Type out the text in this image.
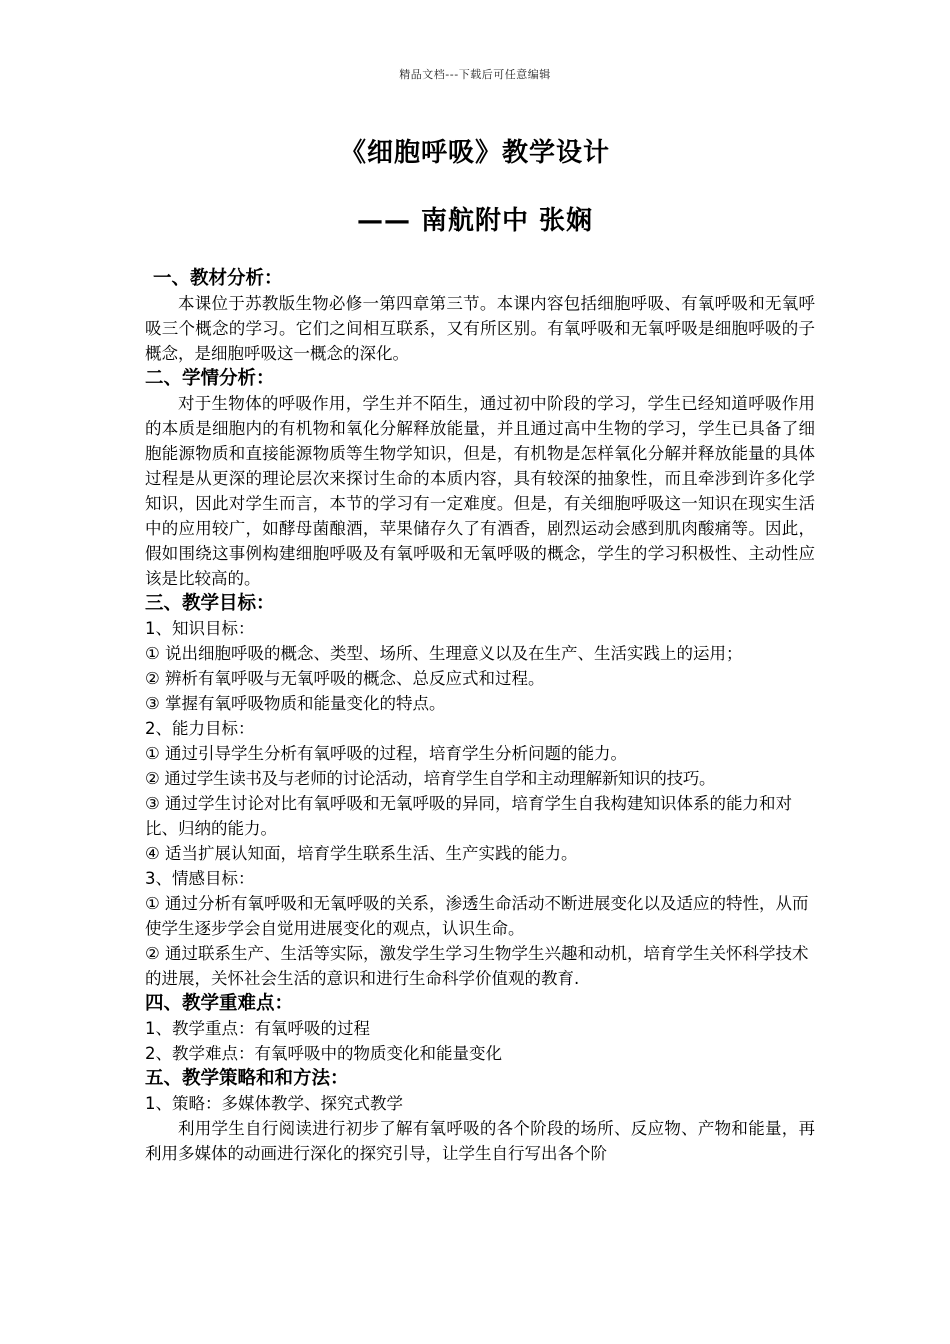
精品文档---下载后可任意编辑
《细胞呼吸》教学设计
—— 南航附中 张娴
一、教材分析：

本课位于苏教版生物必修一第四章第三节。本课内容包括细胞呼吸、有氧呼吸和无氧呼吸三个概念的学习。它们之间相互联系，又有所区别。有氧呼吸和无氧呼吸是细胞呼吸的子概念，是细胞呼吸这一概念的深化。

二、学情分析：

对于生物体的呼吸作用，学生并不陌生，通过初中阶段的学习，学生已经知道呼吸作用的本质是细胞内的有机物和氧化分解释放能量，并且通过高中生物的学习，学生已具备了细胞能源物质和直接能源物质等生物学知识，但是，有机物是怎样氧化分解并释放能量的具体过程是从更深的理论层次来探讨生命的本质内容，具有较深的抽象性，而且牵涉到许多化学知识，因此对学生而言，本节的学习有一定难度。但是，有关细胞呼吸这一知识在现实生活中的应用较广，如酵母菌酿酒，苹果储存久了有酒香，剧烈运动会感到肌肉酸痛等。因此，假如围绕这事例构建细胞呼吸及有氧呼吸和无氧呼吸的概念，学生的学习积极性、主动性应该是比较高的。

三、教学目标：

1、知识目标：

① 说出细胞呼吸的概念、类型、场所、生理意义以及在生产、生活实践上的运用；

② 辨析有氧呼吸与无氧呼吸的概念、总反应式和过程。

③ 掌握有氧呼吸物质和能量变化的特点。

2、能力目标：

① 通过引导学生分析有氧呼吸的过程，培育学生分析问题的能力。

② 通过学生读书及与老师的讨论活动，培育学生自学和主动理解新知识的技巧。

③ 通过学生讨论对比有氧呼吸和无氧呼吸的异同，培育学生自我构建知识体系的能力和对比、归纳的能力。

④ 适当扩展认知面，培育学生联系生活、生产实践的能力。

3、情感目标：

① 通过分析有氧呼吸和无氧呼吸的关系，渗透生命活动不断进展变化以及适应的特性，从而使学生逐步学会自觉用进展变化的观点，认识生命。

② 通过联系生产、生活等实际，激发学生学习生物学生兴趣和动机，培育学生关怀科学技术的进展，关怀社会生活的意识和进行生命科学价值观的教育.

四、教学重难点：

1、教学重点：有氧呼吸的过程

2、教学难点：有氧呼吸中的物质变化和能量变化

五、教学策略和和方法：

1、策略：多媒体教学、探究式教学

利用学生自行阅读进行初步了解有氧呼吸的各个阶段的场所、反应物、产物和能量，再利用多媒体的动画进行深化的探究引导，让学生自行写出各个阶
